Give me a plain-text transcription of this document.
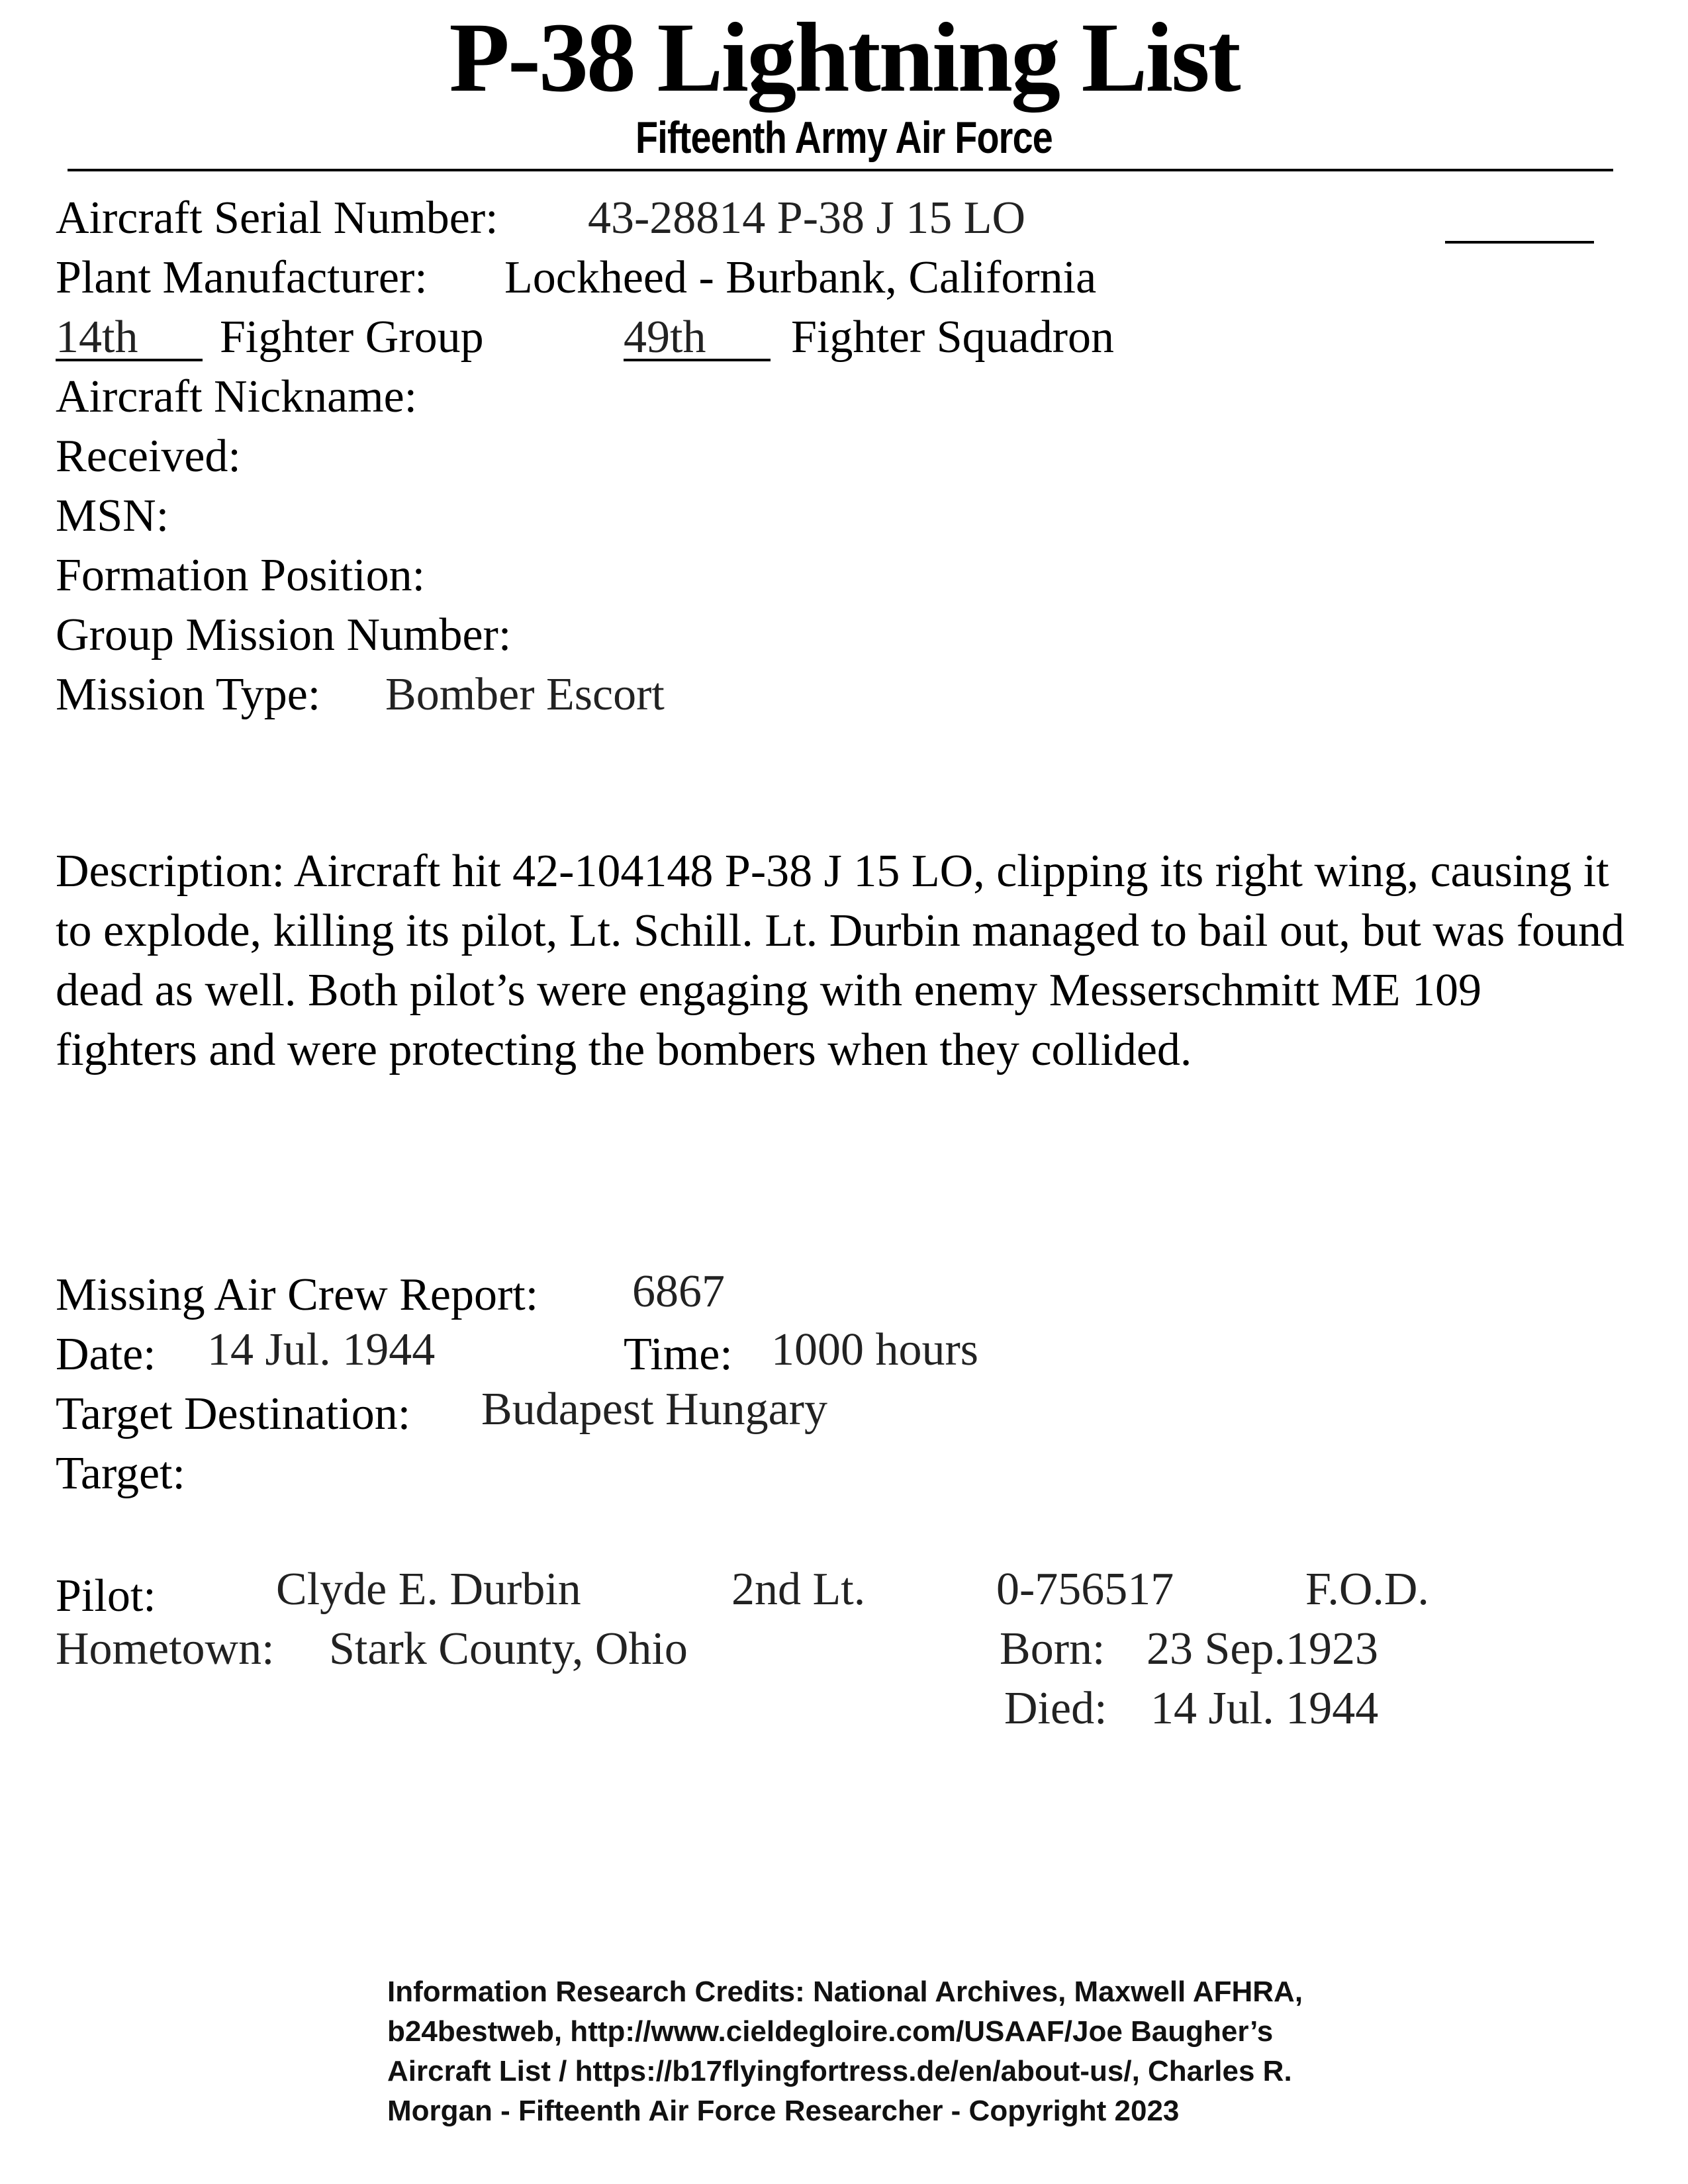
P-38 Lightning List
Fifteenth Army Air Force
Aircraft Serial Number: 43-28814 P-38 J 15 LO
Plant Manufacturer: Lockheed - Burbank, California
14th	Fighter Group	49th	Fighter Squadron
Aircraft Nickname:
Received:
MSN:
Formation Position:
Group Mission Number:
Mission Type: Bomber Escort
Description: Aircraft hit 42-104148 P-38 J 15 LO, clipping its right wing, causing it to explode, killing its pilot, Lt. Schill. Lt. Durbin managed to bail out, but was found dead as well. Both pilot’s were engaging with enemy Messerschmitt ME 109 fighters and were protecting the bombers when they collided.
Missing Air Crew Report: 6867
Date: 14 Jul. 1944	Time: 1000 hours
Target Destination: Budapest Hungary
Target:
Pilot:	Clyde E. Durbin	2nd Lt.	0-756517	F.O.D.
Hometown: Stark County, Ohio	Born: 23 Sep.1923
Died: 14 Jul. 1944
Information Research Credits: National Archives, Maxwell AFHRA,
b24bestweb, http://www.cieldegloire.com/USAAF/Joe Baugher’s
Aircraft List / https://b17flyingfortress.de/en/about-us/, Charles R.
Morgan - Fifteenth Air Force Researcher - Copyright 2023
